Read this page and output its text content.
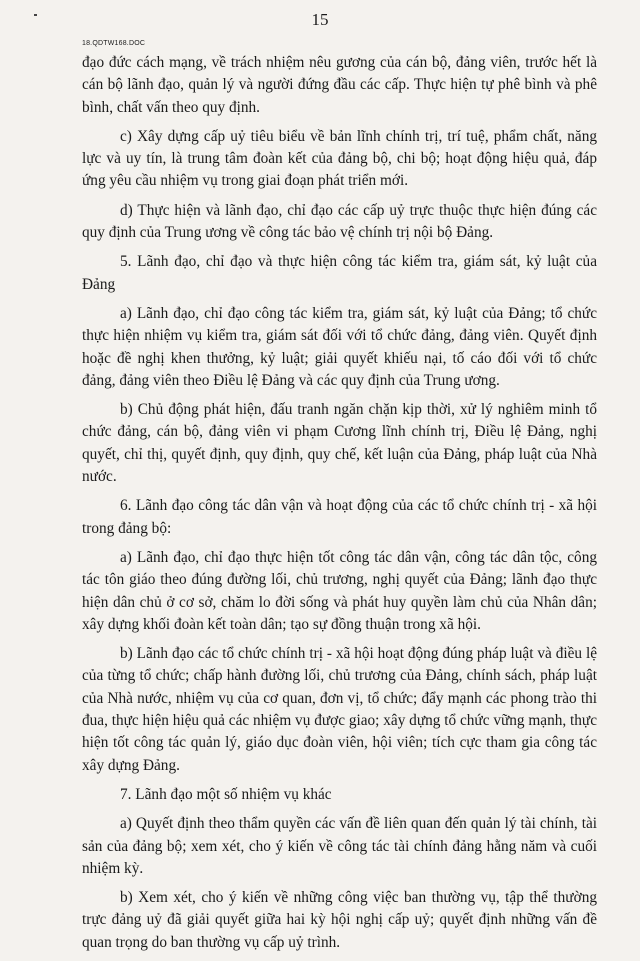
15
18.QDTW168.DOC

đạo đức cách mạng, về trách nhiệm nêu gương của cán bộ, đảng viên, trước hết là cán bộ lãnh đạo, quản lý và người đứng đầu các cấp. Thực hiện tự phê bình và phê bình, chất vấn theo quy định.

c) Xây dựng cấp uỷ tiêu biểu về bản lĩnh chính trị, trí tuệ, phẩm chất, năng lực và uy tín, là trung tâm đoàn kết của đảng bộ, chi bộ; hoạt động hiệu quả, đáp ứng yêu cầu nhiệm vụ trong giai đoạn phát triển mới.

d) Thực hiện và lãnh đạo, chỉ đạo các cấp uỷ trực thuộc thực hiện đúng các quy định của Trung ương về công tác bảo vệ chính trị nội bộ Đảng.

5. Lãnh đạo, chỉ đạo và thực hiện công tác kiểm tra, giám sát, kỷ luật của Đảng

a) Lãnh đạo, chỉ đạo công tác kiểm tra, giám sát, kỷ luật của Đảng; tổ chức thực hiện nhiệm vụ kiểm tra, giám sát đối với tổ chức đảng, đảng viên. Quyết định hoặc đề nghị khen thưởng, kỷ luật; giải quyết khiếu nại, tố cáo đối với tổ chức đảng, đảng viên theo Điều lệ Đảng và các quy định của Trung ương.

b) Chủ động phát hiện, đấu tranh ngăn chặn kịp thời, xử lý nghiêm minh tổ chức đảng, cán bộ, đảng viên vi phạm Cương lĩnh chính trị, Điều lệ Đảng, nghị quyết, chỉ thị, quyết định, quy định, quy chế, kết luận của Đảng, pháp luật của Nhà nước.

6. Lãnh đạo công tác dân vận và hoạt động của các tổ chức chính trị - xã hội trong đảng bộ:

a) Lãnh đạo, chỉ đạo thực hiện tốt công tác dân vận, công tác dân tộc, công tác tôn giáo theo đúng đường lối, chủ trương, nghị quyết của Đảng; lãnh đạo thực hiện dân chủ ở cơ sở, chăm lo đời sống và phát huy quyền làm chủ của Nhân dân; xây dựng khối đoàn kết toàn dân; tạo sự đồng thuận trong xã hội.

b) Lãnh đạo các tổ chức chính trị - xã hội hoạt động đúng pháp luật và điều lệ của từng tổ chức; chấp hành đường lối, chủ trương của Đảng, chính sách, pháp luật của Nhà nước, nhiệm vụ của cơ quan, đơn vị, tổ chức; đẩy mạnh các phong trào thi đua, thực hiện hiệu quả các nhiệm vụ được giao; xây dựng tổ chức vững mạnh, thực hiện tốt công tác quản lý, giáo dục đoàn viên, hội viên; tích cực tham gia công tác xây dựng Đảng.

7. Lãnh đạo một số nhiệm vụ khác

a) Quyết định theo thẩm quyền các vấn đề liên quan đến quản lý tài chính, tài sản của đảng bộ; xem xét, cho ý kiến về công tác tài chính đảng hằng năm và cuối nhiệm kỳ.

b) Xem xét, cho ý kiến về những công việc ban thường vụ, tập thể thường trực đảng uỷ đã giải quyết giữa hai kỳ hội nghị cấp uỷ; quyết định những vấn đề quan trọng do ban thường vụ cấp uỷ trình.
